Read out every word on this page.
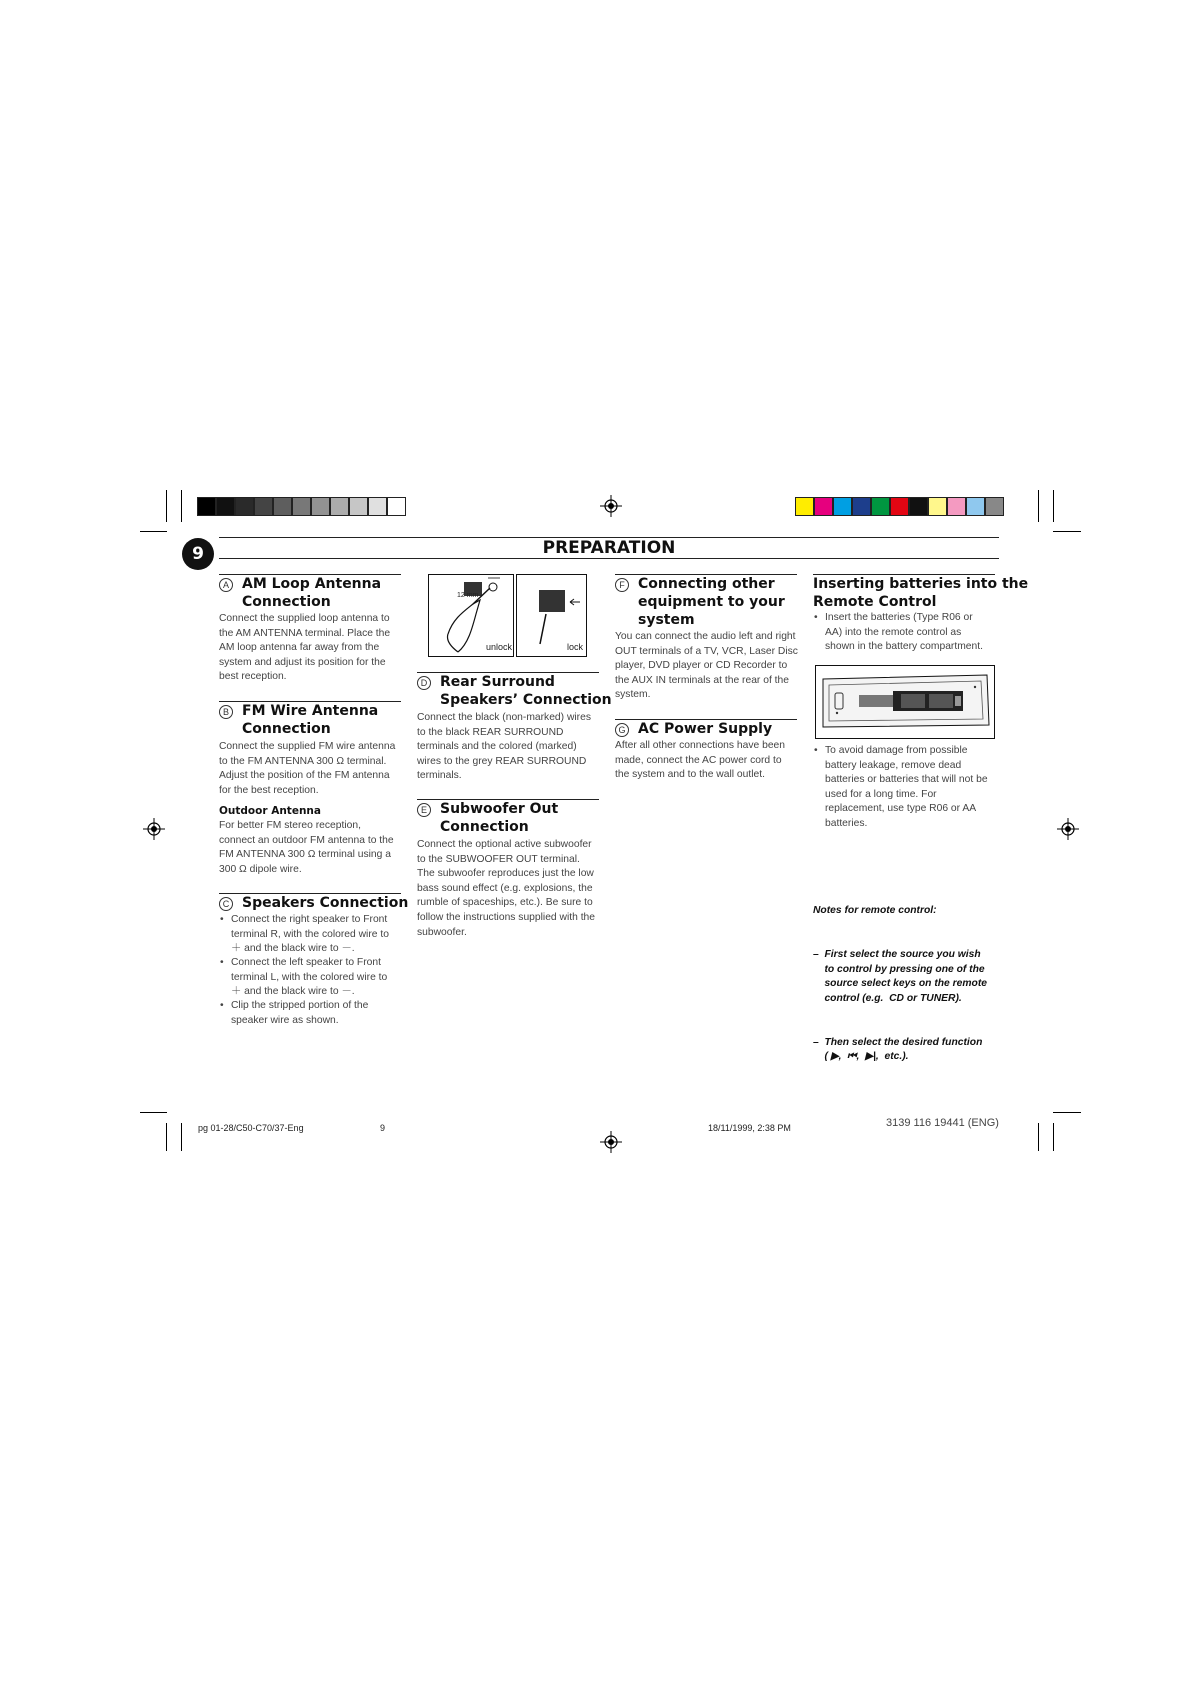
9	PREPARATION
A AM Loop Antenna
Connection
Connect the supplied loop antenna to
the AM ANTENNA terminal. Place the
AM loop antenna far away from the
system and adjust its position for the
best reception.
B FM Wire Antenna
Connection
Connect the supplied FM wire antenna
to the FM ANTENNA 300 Ω terminal.
Adjust the position of the FM antenna
for the best reception.
Outdoor Antenna
For better FM stereo reception,
connect an outdoor FM antenna to the
FM ANTENNA 300 Ω terminal using a
300 Ω dipole wire.
C Speakers Connection
• Connect the right speaker to Front
terminal R, with the colored wire to
＋ and the black wire to －.
• Connect the left speaker to Front
terminal L, with the colored wire to
＋ and the black wire to －.
• Clip the stripped portion of the
speaker wire as shown.
12 mm
unlock	lock
D Rear Surround
Speakers’ Connection
Connect the black (non-marked) wires
to the black REAR SURROUND
terminals and the colored (marked)
wires to the grey REAR SURROUND
terminals.
E Subwoofer Out
Connection
Connect the optional active subwoofer
to the SUBWOOFER OUT terminal.
The subwoofer reproduces just the low
bass sound effect (e.g. explosions, the
rumble of spaceships, etc.). Be sure to
follow the instructions supplied with the
subwoofer.
F Connecting other
equipment to your
system
You can connect the audio left and right
OUT terminals of a TV, VCR, Laser Disc
player, DVD player or CD Recorder to
the AUX IN terminals at the rear of the
system.
G AC Power Supply
After all other connections have been
made, connect the AC power cord to
the system and to the wall outlet.
Inserting batteries into the
Remote Control
• Insert the batteries (Type R06 or
AA) into the remote control as
shown in the battery compartment.
• To avoid damage from possible
battery leakage, remove dead
batteries or batteries that will not be
used for a long time. For
replacement, use type R06 or AA
batteries.

Notes for remote control:

–  First select the source you wish
to control by pressing one of the
source select keys on the remote
control (e.g.  CD or TUNER).

–  Then select the desired function
( ▶,  ⏮,  ▶|,  etc.).

pg 01-28/C50-C70/37-Eng	9	18/11/1999, 2:38 PM	3139 116 19441 (ENG)
